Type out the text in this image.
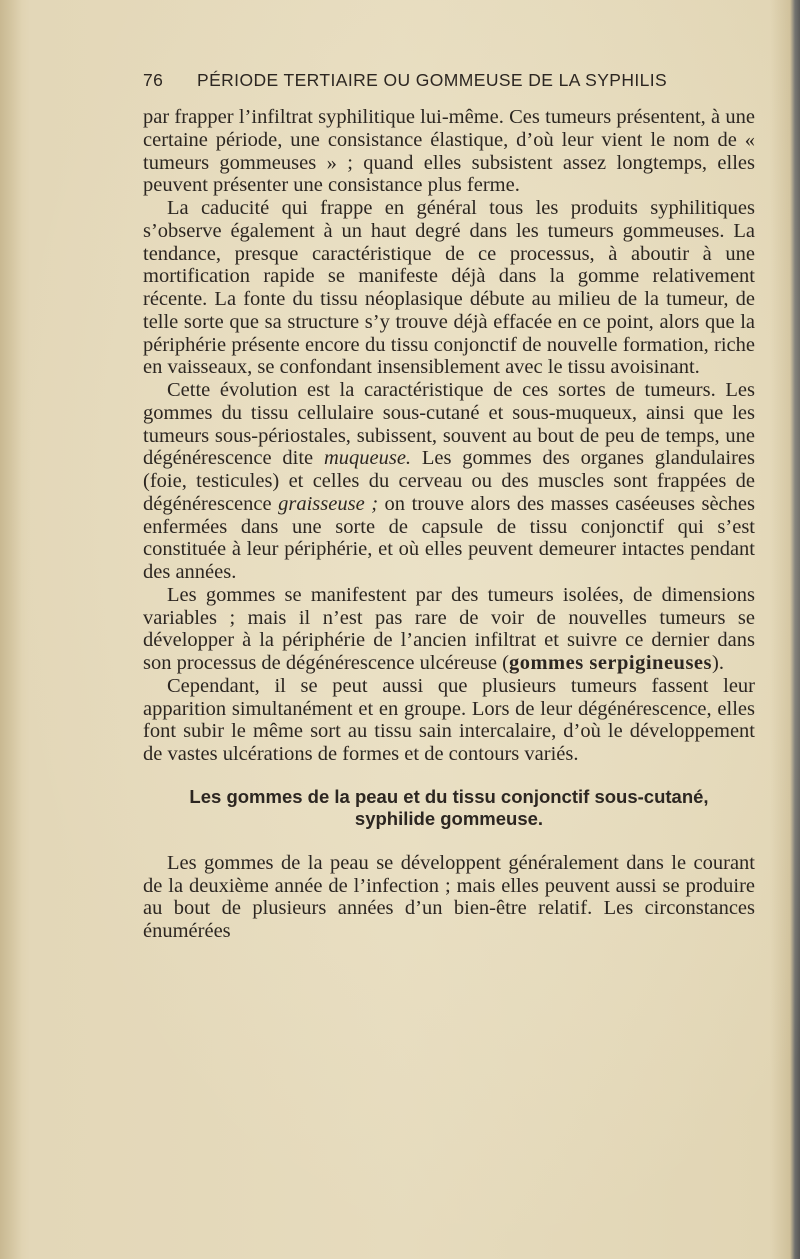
76 PÉRIODE TERTIAIRE OU GOMMEUSE DE LA SYPHILIS

par frapper l’infiltrat syphilitique lui-même. Ces tumeurs présentent, à une certaine période, une consistance élastique, d’où leur vient le nom de « tumeurs gommeuses » ; quand elles subsistent assez longtemps, elles peuvent présenter une consistance plus ferme.

La caducité qui frappe en général tous les produits syphilitiques s’observe également à un haut degré dans les tumeurs gommeuses. La tendance, presque caractéristique de ce processus, à aboutir à une mortification rapide se manifeste déjà dans la gomme relativement récente. La fonte du tissu néoplasique débute au milieu de la tumeur, de telle sorte que sa structure s’y trouve déjà effacée en ce point, alors que la périphérie présente encore du tissu conjonctif de nouvelle formation, riche en vaisseaux, se confondant insensiblement avec le tissu avoisinant.

Cette évolution est la caractéristique de ces sortes de tumeurs. Les gommes du tissu cellulaire sous-cutané et sous-muqueux, ainsi que les tumeurs sous-périostales, subissent, souvent au bout de peu de temps, une dégénérescence dite muqueuse. Les gommes des organes glandulaires (foie, testicules) et celles du cerveau ou des muscles sont frappées de dégénérescence graisseuse ; on trouve alors des masses caséeuses sèches enfermées dans une sorte de capsule de tissu conjonctif qui s’est constituée à leur périphérie, et où elles peuvent demeurer intactes pendant des années.

Les gommes se manifestent par des tumeurs isolées, de dimensions variables ; mais il n’est pas rare de voir de nouvelles tumeurs se développer à la périphérie de l’ancien infiltrat et suivre ce dernier dans son processus de dégénérescence ulcéreuse (gommes serpigineuses).

Cependant, il se peut aussi que plusieurs tumeurs fassent leur apparition simultanément et en groupe. Lors de leur dégénérescence, elles font subir le même sort au tissu sain intercalaire, d’où le développement de vastes ulcérations de formes et de contours variés.

Les gommes de la peau et du tissu conjonctif sous-cutané, syphilide gommeuse.

Les gommes de la peau se développent généralement dans le courant de la deuxième année de l’infection ; mais elles peuvent aussi se produire au bout de plusieurs années d’un bien-être relatif. Les circonstances énumérées
